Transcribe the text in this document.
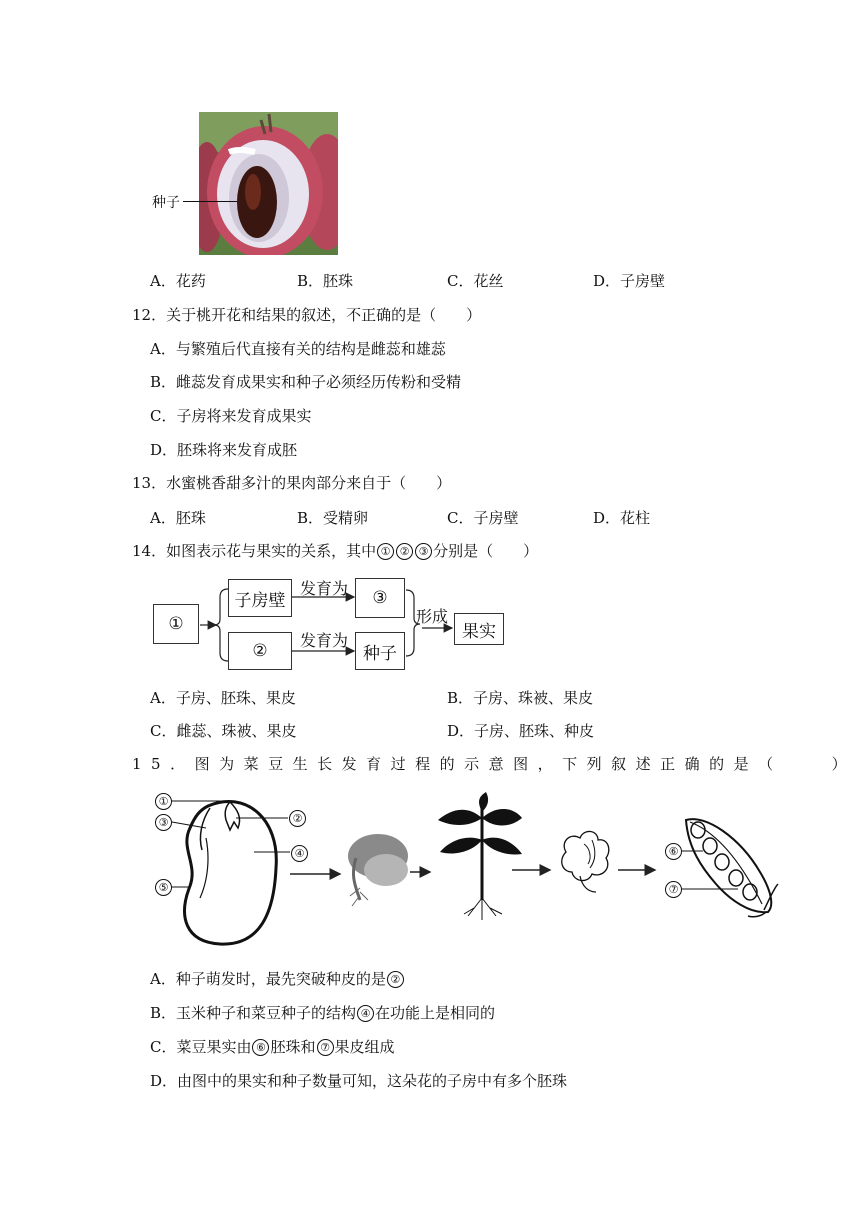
种子
A．花药	B．胚珠	C．花丝	D．子房壁
12．关于桃开花和结果的叙述，不正确的是（　　）
A．与繁殖后代直接有关的结构是雌蕊和雄蕊
B．雌蕊发育成果实和种子必须经历传粉和受精
C．子房将来发育成果实
D．胚珠将来发育成胚
13．水蜜桃香甜多汁的果肉部分来自于（　　）
A．胚珠	B．受精卵	C．子房壁	D．花柱
14．如图表示花与果实的关系，其中 ① ② ③ 分别是（　　）
①
子房壁
②
③
种子
果实
发育为
发育为
形成
A．子房、胚珠、果皮	B．子房、珠被、果皮
C．雌蕊、珠被、果皮	D．子房、胚珠、种皮
15．图为菜豆生长发育过程的示意图，下列叙述正确的是（　　）
①
③	②
④
⑤
⑥
⑦
A．种子萌发时，最先突破种皮的是 ②
B．玉米种子和菜豆种子的结构 ④ 在功能上是相同的
C．菜豆果实由 ⑥ 胚珠和 ⑦ 果皮组成
D．由图中的果实和种子数量可知，这朵花的子房中有多个胚珠
